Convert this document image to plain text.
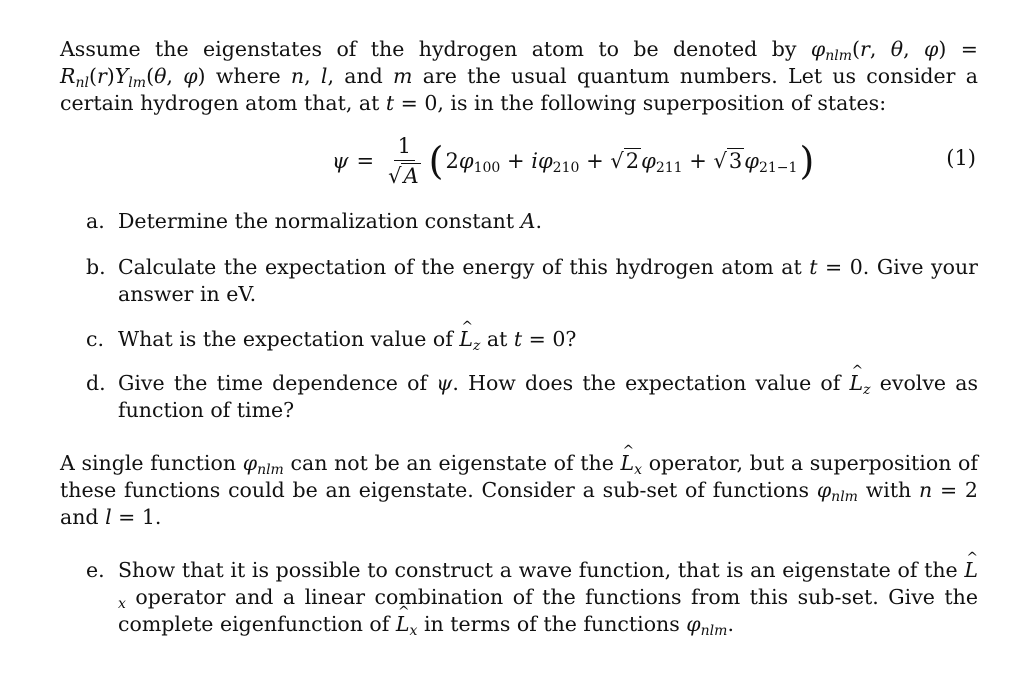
Assume the eigenstates of the hydrogen atom to be denoted by $\varphi_{nlm}(r$, θ, $\varphi) = R_{nl}(r)Y_{lm}(\theta$, φ) where n, l, and m are the usual quantum numbers. Let us consider a certain hydrogen atom that, at t = 0, is in the following superposition of states:
$\psi = \frac{1}{√A}$ ( $2\varphi_{100} + i\varphi_{210} + √2\varphi_{211} + √3\varphi_{21-1}$ )	(1)
a. Determine the normalization constant A.
b. Calculate the expectation of the energy of this hydrogen atom at t = 0. Give your answer in eV.
c. What is the expectation value of ^ $L_z$ at t = 0?
d. Give the time dependence of ψ. How does the expectation value of ^ $L_z$ evolve as function of time?
A single function $\varphi_{nlm}$ can not be an eigenstate of the ^ $L_x$ operator, but a superposition of these functions could be an eigenstate. Consider a sub-set of functions $\varphi_{nlm}$ with n = 2 and l = 1.
e. Show that it is possible to construct a wave function, that is an eigenstate of the ^ $L_x$ operator and a linear combination of the functions from this sub-set. Give the complete eigenfunction of ^ $L_x$ in terms of the functions $\varphi_{nlm}$.
